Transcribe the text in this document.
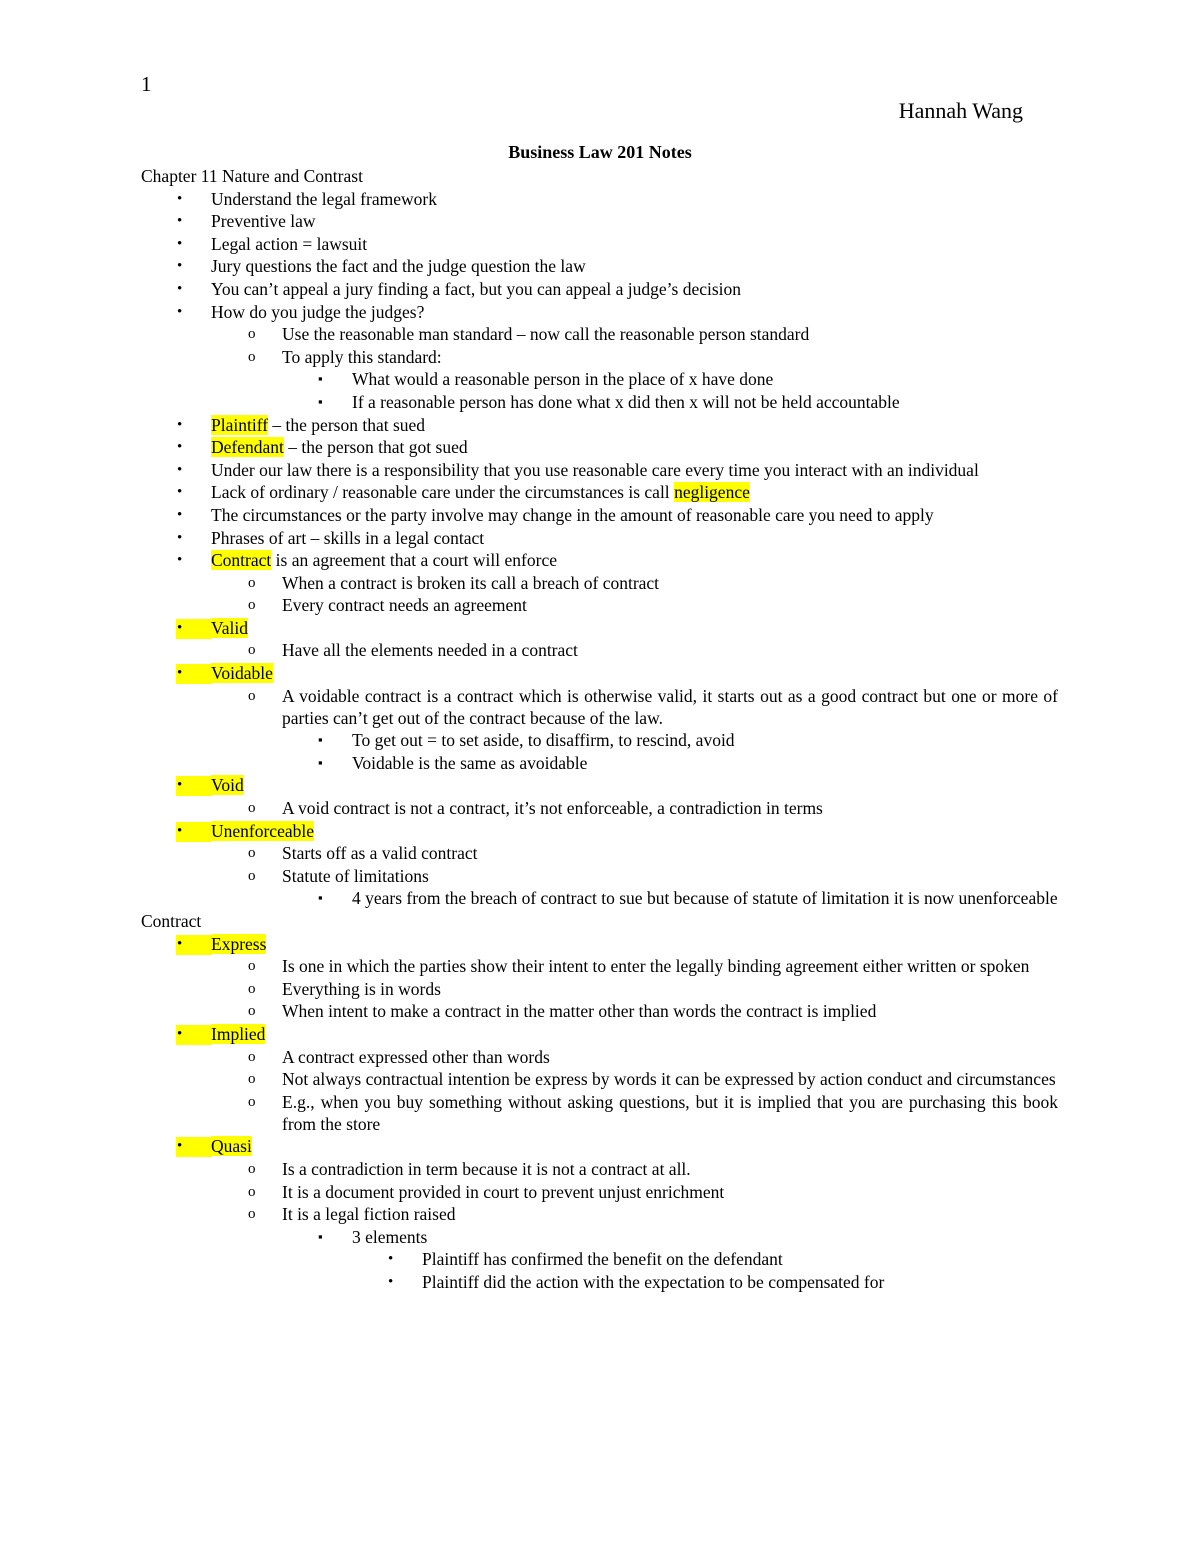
1
Hannah Wang
Business Law 201 Notes
Chapter 11 Nature and Contrast
• Understand the legal framework
• Preventive law
• Legal action = lawsuit
• Jury questions the fact and the judge question the law
• You can’t appeal a jury finding a fact, but you can appeal a judge’s decision
• How do you judge the judges?
o Use the reasonable man standard – now call the reasonable person standard
o To apply this standard:
▪ What would a reasonable person in the place of x have done
▪ If a reasonable person has done what x did then x will not be held accountable
• Plaintiff – the person that sued
• Defendant – the person that got sued
• Under our law there is a responsibility that you use reasonable care every time you interact with an individual
• Lack of ordinary / reasonable care under the circumstances is call negligence
• The circumstances or the party involve may change in the amount of reasonable care you need to apply
• Phrases of art – skills in a legal contact
• Contract is an agreement that a court will enforce
o When a contract is broken its call a breach of contract
o Every contract needs an agreement
• Valid
o Have all the elements needed in a contract
• Voidable
o A voidable contract is a contract which is otherwise valid, it starts out as a good contract but one or more of parties can’t get out of the contract because of the law.
▪ To get out = to set aside, to disaffirm, to rescind, avoid
▪ Voidable is the same as avoidable
• Void
o A void contract is not a contract, it’s not enforceable, a contradiction in terms
• Unenforceable
o Starts off as a valid contract
o Statute of limitations
▪ 4 years from the breach of contract to sue but because of statute of limitation it is now unenforceable
Contract
• Express
o Is one in which the parties show their intent to enter the legally binding agreement either written or spoken
o Everything is in words
o When intent to make a contract in the matter other than words the contract is implied
• Implied
o A contract expressed other than words
o Not always contractual intention be express by words it can be expressed by action conduct and circumstances
o E.g., when you buy something without asking questions, but it is implied that you are purchasing this book from the store
• Quasi
o Is a contradiction in term because it is not a contract at all.
o It is a document provided in court to prevent unjust enrichment
o It is a legal fiction raised
▪ 3 elements
• Plaintiff has confirmed the benefit on the defendant
• Plaintiff did the action with the expectation to be compensated for
